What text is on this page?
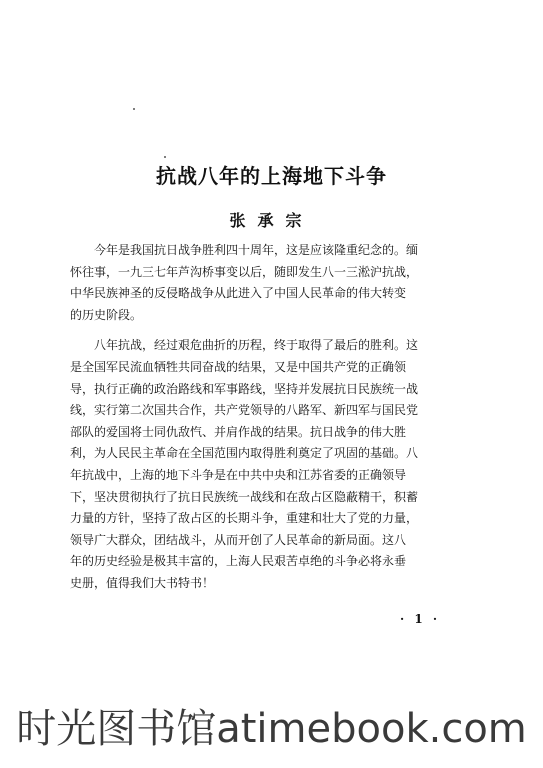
抗战八年的上海地下斗争
张承宗
今年是我国抗日战争胜利四十周年，这是应该隆重纪念的。缅
怀往事，一九三七年芦沟桥事变以后，随即发生八一三淞沪抗战，
中华民族神圣的反侵略战争从此进入了中国人民革命的伟大转变
的历史阶段。
八年抗战，经过艰危曲折的历程，终于取得了最后的胜利。这
是全国军民流血牺牲共同奋战的结果，又是中国共产党的正确领
导，执行正确的政治路线和军事路线，坚持并发展抗日民族统一战
线，实行第二次国共合作，共产党领导的八路军、新四军与国民党
部队的爱国将士同仇敌忾、并肩作战的结果。抗日战争的伟大胜
利，为人民民主革命在全国范围内取得胜利奠定了巩固的基础。八
年抗战中，上海的地下斗争是在中共中央和江苏省委的正确领导
下，坚决贯彻执行了抗日民族统一战线和在敌占区隐蔽精干，积蓄
力量的方针，坚持了敌占区的长期斗争，重建和壮大了党的力量，
领导广大群众，团结战斗，从而开创了人民革命的新局面。这八
年的历史经验是极其丰富的，上海人民艰苦卓绝的斗争必将永垂
史册，值得我们大书特书！
· 1 ·
时光图书馆atimebook.com
